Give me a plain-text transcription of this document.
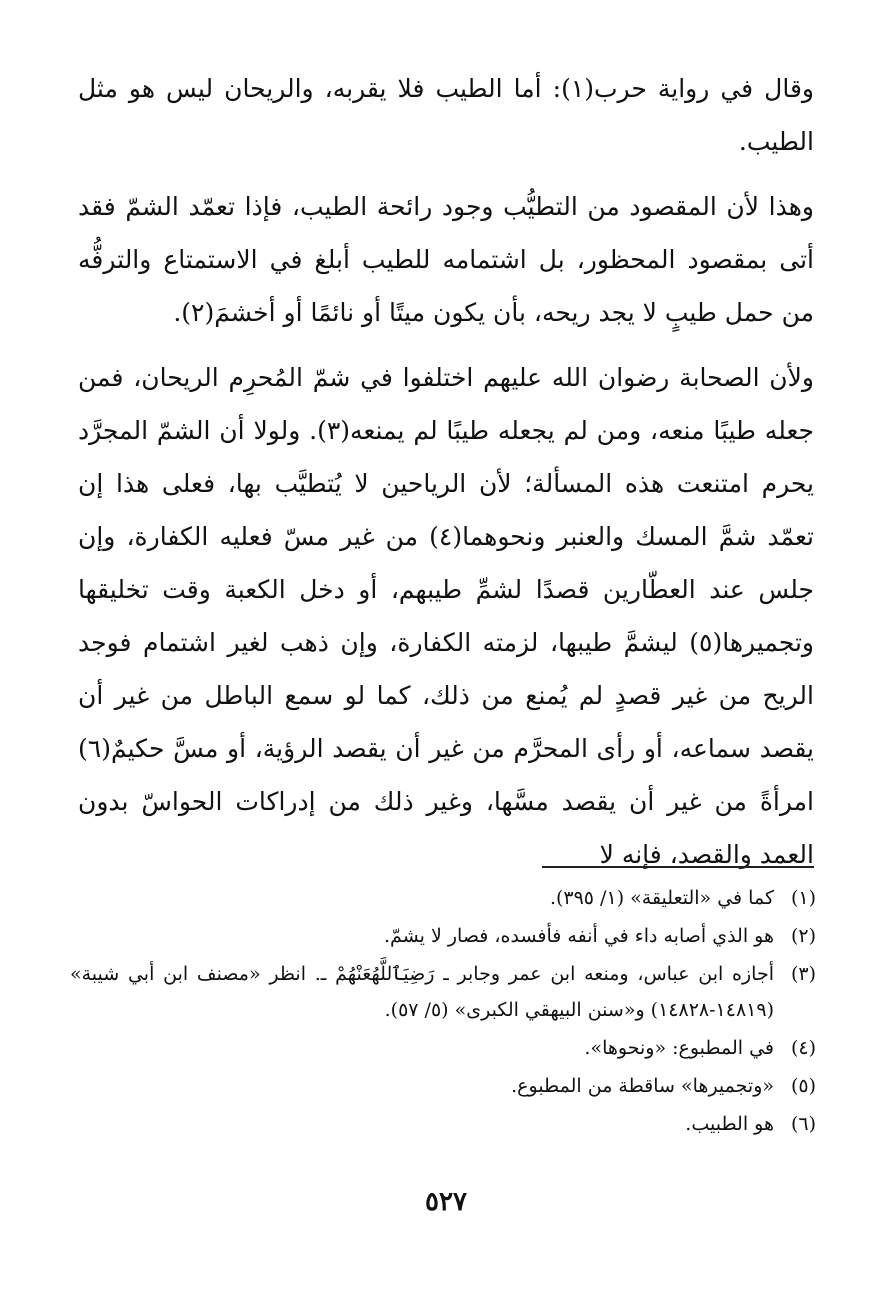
وقال في رواية حرب(١): أما الطيب فلا يقربه، والريحان ليس هو مثل الطيب.

وهذا لأن المقصود من التطيُّب وجود رائحة الطيب، فإذا تعمّد الشمّ فقد أتى بمقصود المحظور، بل اشتمامه للطيب أبلغ في الاستمتاع والترفُّه من حمل طيبٍ لا يجد ريحه، بأن يكون ميتًا أو نائمًا أو أخشمَ(٢).

ولأن الصحابة رضوان الله عليهم اختلفوا في شمّ المُحرِم الريحان، فمن جعله طيبًا منعه، ومن لم يجعله طيبًا لم يمنعه(٣). ولولا أن الشمّ المجرَّد يحرم امتنعت هذه المسألة؛ لأن الرياحين لا يُتطيَّب بها، فعلى هذا إن تعمّد شمَّ المسك والعنبر ونحوهما(٤) من غير مسّ فعليه الكفارة، وإن جلس عند العطّارين قصدًا لشمِّ طيبهم، أو دخل الكعبة وقت تخليقها وتجميرها(٥) ليشمَّ طيبها، لزمته الكفارة، وإن ذهب لغير اشتمام فوجد الريح من غير قصدٍ لم يُمنع من ذلك، كما لو سمع الباطل من غير أن يقصد سماعه، أو رأى المحرَّم من غير أن يقصد الرؤية، أو مسَّ حكيمٌ(٦) امرأةً من غير أن يقصد مسَّها، وغير ذلك من إدراكات الحواسّ بدون العمد والقصد، فإنه لا

(١)
كما في «التعليقة» (١/ ٣٩٥).
(٢)
هو الذي أصابه داء في أنفه فأفسده، فصار لا يشمّ.
(٣)
أجازه ابن عباس، ومنعه ابن عمر وجابر ـ رَضِيَٱللَّهُعَنْهُمْ ـ. انظر «مصنف ابن أبي شيبة» (١٤٨١٩-١٤٨٢٨) و«سنن البيهقي الكبرى» (٥/ ٥٧).
(٤)
في المطبوع: «ونحوها».
(٥)
«وتجميرها» ساقطة من المطبوع.
(٦)
هو الطبيب.
٥٢٧
